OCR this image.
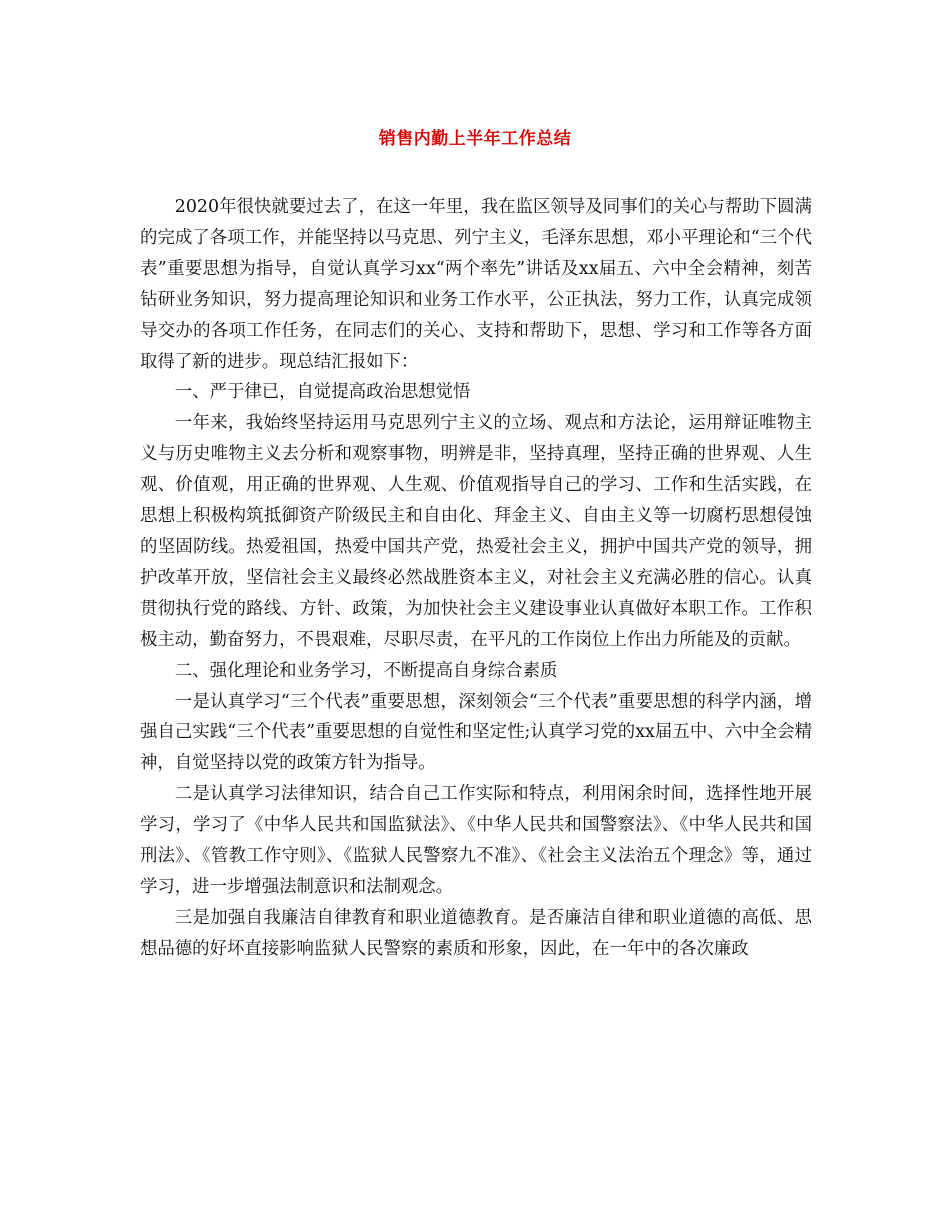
销售内勤上半年工作总结

2020年很快就要过去了，在这一年里，我在监区领导及同事们的关心与帮助下圆满的完成了各项工作，并能坚持以马克思、列宁主义，毛泽东思想，邓小平理论和“三个代表”重要思想为指导，自觉认真学习xx“两个率先”讲话及xx届五、六中全会精神，刻苦钻研业务知识，努力提高理论知识和业务工作水平，公正执法，努力工作，认真完成领导交办的各项工作任务，在同志们的关心、支持和帮助下，思想、学习和工作等各方面取得了新的进步。现总结汇报如下：

一、严于律已，自觉提高政治思想觉悟

一年来，我始终坚持运用马克思列宁主义的立场、观点和方法论，运用辩证唯物主义与历史唯物主义去分析和观察事物，明辨是非，坚持真理，坚持正确的世界观、人生观、价值观，用正确的世界观、人生观、价值观指导自己的学习、工作和生活实践，在思想上积极构筑抵御资产阶级民主和自由化、拜金主义、自由主义等一切腐朽思想侵蚀的坚固防线。热爱祖国，热爱中国共产党，热爱社会主义，拥护中国共产党的领导，拥护改革开放，坚信社会主义最终必然战胜资本主义，对社会主义充满必胜的信心。认真贯彻执行党的路线、方针、政策，为加快社会主义建设事业认真做好本职工作。工作积极主动，勤奋努力，不畏艰难，尽职尽责，在平凡的工作岗位上作出力所能及的贡献。

二、强化理论和业务学习，不断提高自身综合素质

一是认真学习“三个代表”重要思想，深刻领会“三个代表”重要思想的科学内涵，增强自己实践“三个代表”重要思想的自觉性和坚定性;认真学习党的xx届五中、六中全会精神，自觉坚持以党的政策方针为指导。

二是认真学习法律知识，结合自己工作实际和特点，利用闲余时间，选择性地开展学习，学习了《中华人民共和国监狱法》、《中华人民共和国警察法》、《中华人民共和国刑法》、《管教工作守则》、《监狱人民警察九不准》、《社会主义法治五个理念》等，通过学习，进一步增强法制意识和法制观念。

三是加强自我廉洁自律教育和职业道德教育。是否廉洁自律和职业道德的高低、思想品德的好坏直接影响监狱人民警察的素质和形象，因此，在一年中的各次廉政
